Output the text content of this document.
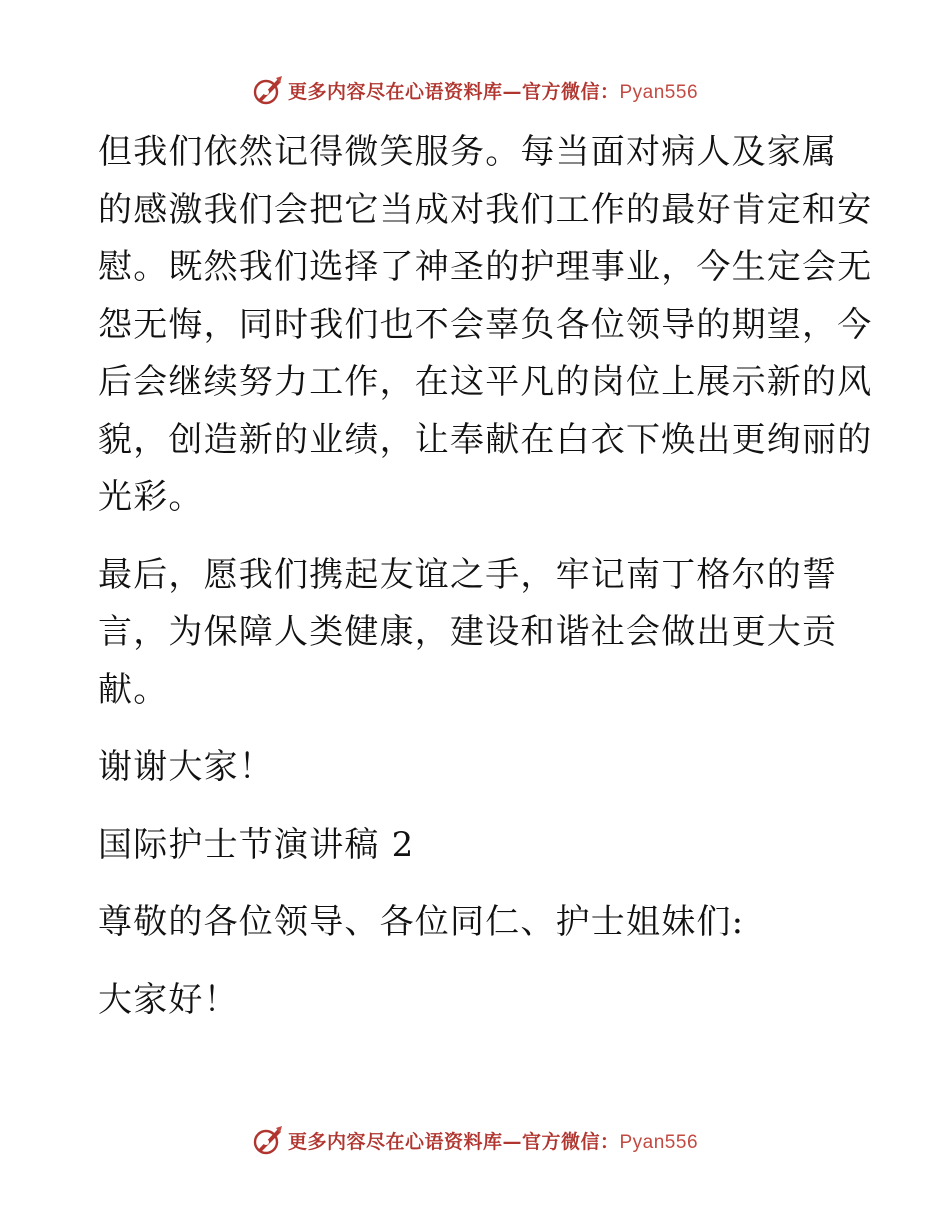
更多内容尽在心语资料库—官方微信：Pyan556
但我们依然记得微笑服务。每当面对病人及家属
的感激我们会把它当成对我们工作的最好肯定和安
慰。既然我们选择了神圣的护理事业，今生定会无
怨无悔，同时我们也不会辜负各位领导的期望，今
后会继续努力工作，在这平凡的岗位上展示新的风
貌，创造新的业绩，让奉献在白衣下焕出更绚丽的
光彩。
最后，愿我们携起友谊之手，牢记南丁格尔的誓
言，为保障人类健康，建设和谐社会做出更大贡
献。
谢谢大家！
国际护士节演讲稿 2
尊敬的各位领导、各位同仁、护士姐妹们:
大家好！
更多内容尽在心语资料库—官方微信：Pyan556
